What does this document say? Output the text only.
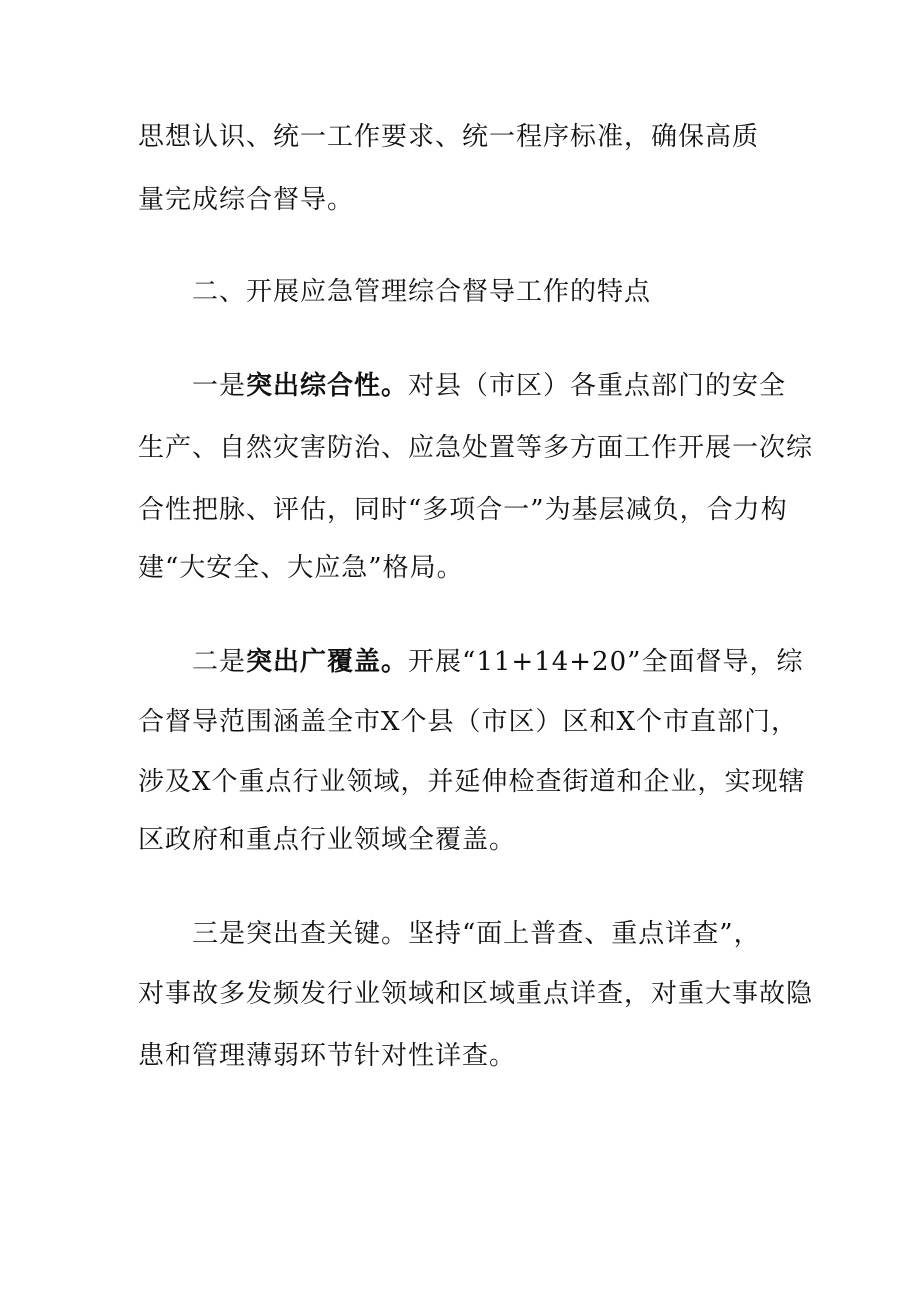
思想认识、统一工作要求、统一程序标准，确保高质
量完成综合督导。
二、开展应急管理综合督导工作的特点
一是突出综合性。对县（市区）各重点部门的安全
生产、自然灾害防治、应急处置等多方面工作开展一次综
合性把脉、评估，同时“多项合一”为基层减负，合力构
建“大安全、大应急”格局。
二是突出广覆盖。开展“11+14+20”全面督导，综
合督导范围涵盖全市X个县（市区）区和X个市直部门，
涉及X个重点行业领域，并延伸检查街道和企业，实现辖
区政府和重点行业领域全覆盖。
三是突出查关键。坚持“面上普查、重点详查”，
对事故多发频发行业领域和区域重点详查，对重大事故隐
患和管理薄弱环节针对性详查。
